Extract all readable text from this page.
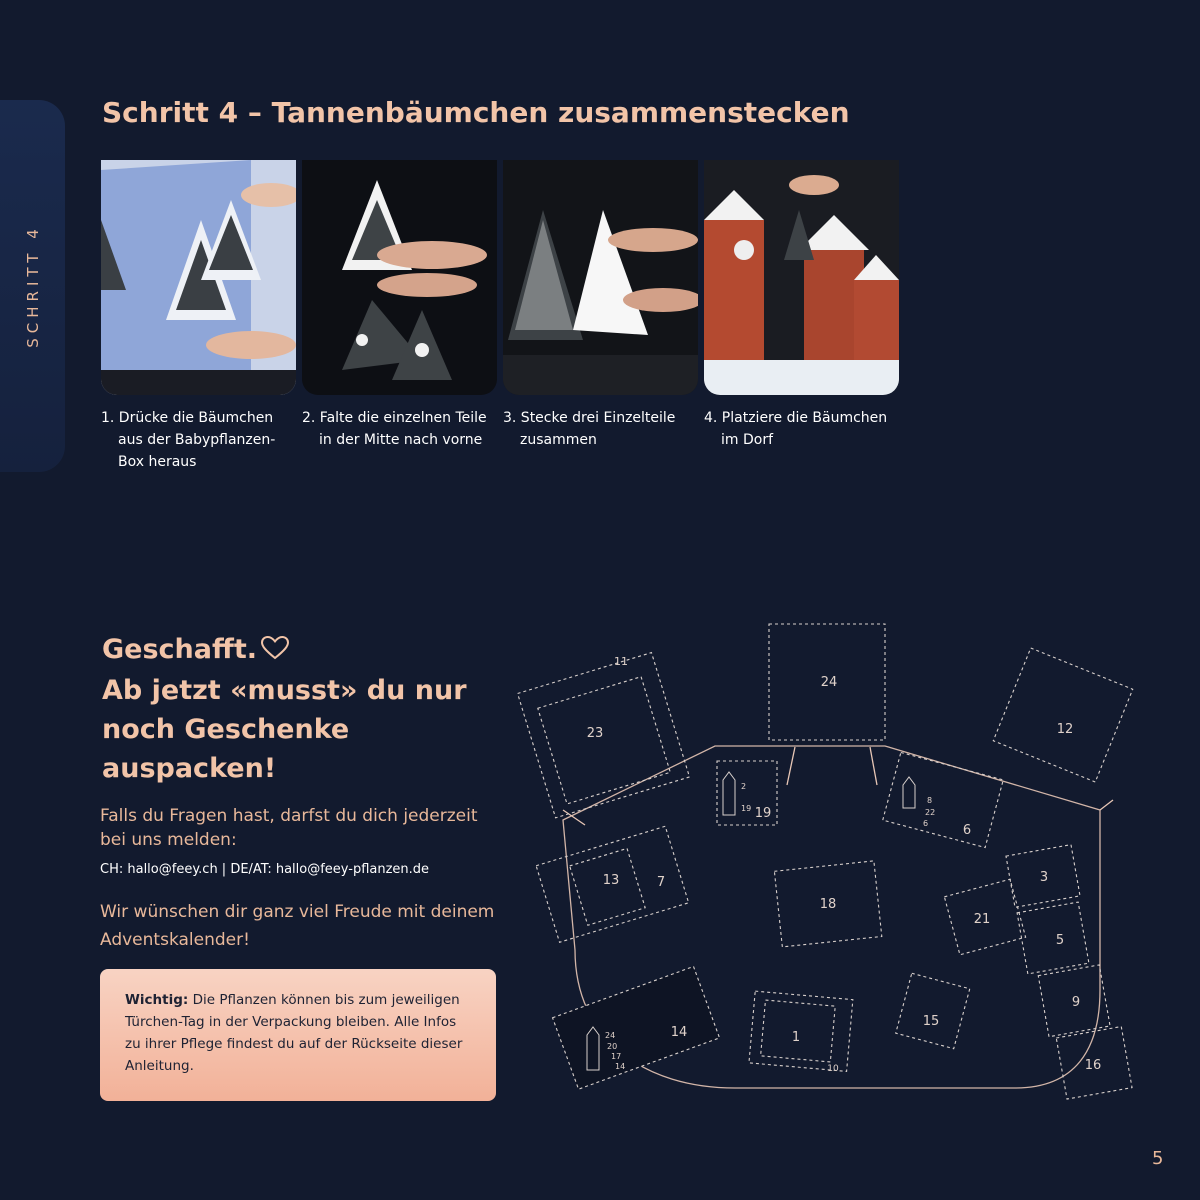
SCHRITT 4
Schritt 4 – Tannenbäumchen zusammenstecken
1. Drücke die Bäumchen aus der Babypflanzen-Box heraus
2. Falte die einzelnen Teile in der Mitte nach vorne
3. Stecke drei Einzelteile zusammen
4. Platziere die Bäumchen im Dorf
Geschafft.
Ab jetzt «musst» du nur noch Geschenke auspacken!
Falls du Fragen hast, darfst du dich jederzeit bei uns melden:
CH: hallo@feey.ch | DE/AT: hallo@feey-pflanzen.de
Wir wünschen dir ganz viel Freude mit deinem Adventskalender!
Wichtig: Die Pflanzen können bis zum jeweiligen Türchen-Tag in der Verpackung bleiben. Alle Infos zu ihrer Pflege findest du auf der Rückseite dieser Anleitung.
24
11
23	12
19
2
19
8
22
6	6
13	7
18
3
21
5
9
16
14
24
20
17
14
1
10
15
5
